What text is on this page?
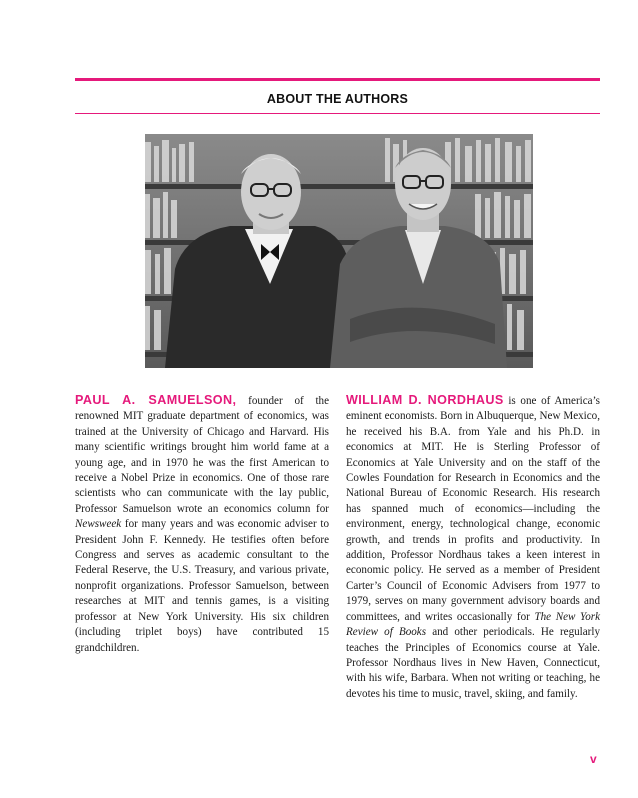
ABOUT THE AUTHORS

PAUL A. SAMUELSON, founder of the renowned MIT graduate department of economics, was trained at the University of Chicago and Harvard. His many scientific writings brought him world fame at a young age, and in 1970 he was the first American to receive a Nobel Prize in economics. One of those rare scientists who can communicate with the lay public, Professor Samuelson wrote an economics column for Newsweek for many years and was economic adviser to President John F. Kennedy. He testifies often before Congress and serves as academic consultant to the Federal Reserve, the U.S. Treasury, and various private, nonprofit organizations. Professor Samuelson, between researches at MIT and tennis games, is a visiting professor at New York University. His six children (including triplet boys) have contributed 15 grandchildren.

WILLIAM D. NORDHAUS is one of America’s eminent economists. Born in Albuquerque, New Mexico, he received his B.A. from Yale and his Ph.D. in economics at MIT. He is Sterling Professor of Economics at Yale University and on the staff of the Cowles Foundation for Research in Economics and the National Bureau of Economic Research. His research has spanned much of economics—including the environment, energy, technological change, economic growth, and trends in profits and productivity. In addition, Professor Nordhaus takes a keen interest in economic policy. He served as a member of President Carter’s Council of Economic Advisers from 1977 to 1979, serves on many government advisory boards and committees, and writes occasionally for The New York Review of Books and other periodicals. He regularly teaches the Principles of Economics course at Yale. Professor Nordhaus lives in New Haven, Connecticut, with his wife, Barbara. When not writing or teaching, he devotes his time to music, travel, skiing, and family.

v
